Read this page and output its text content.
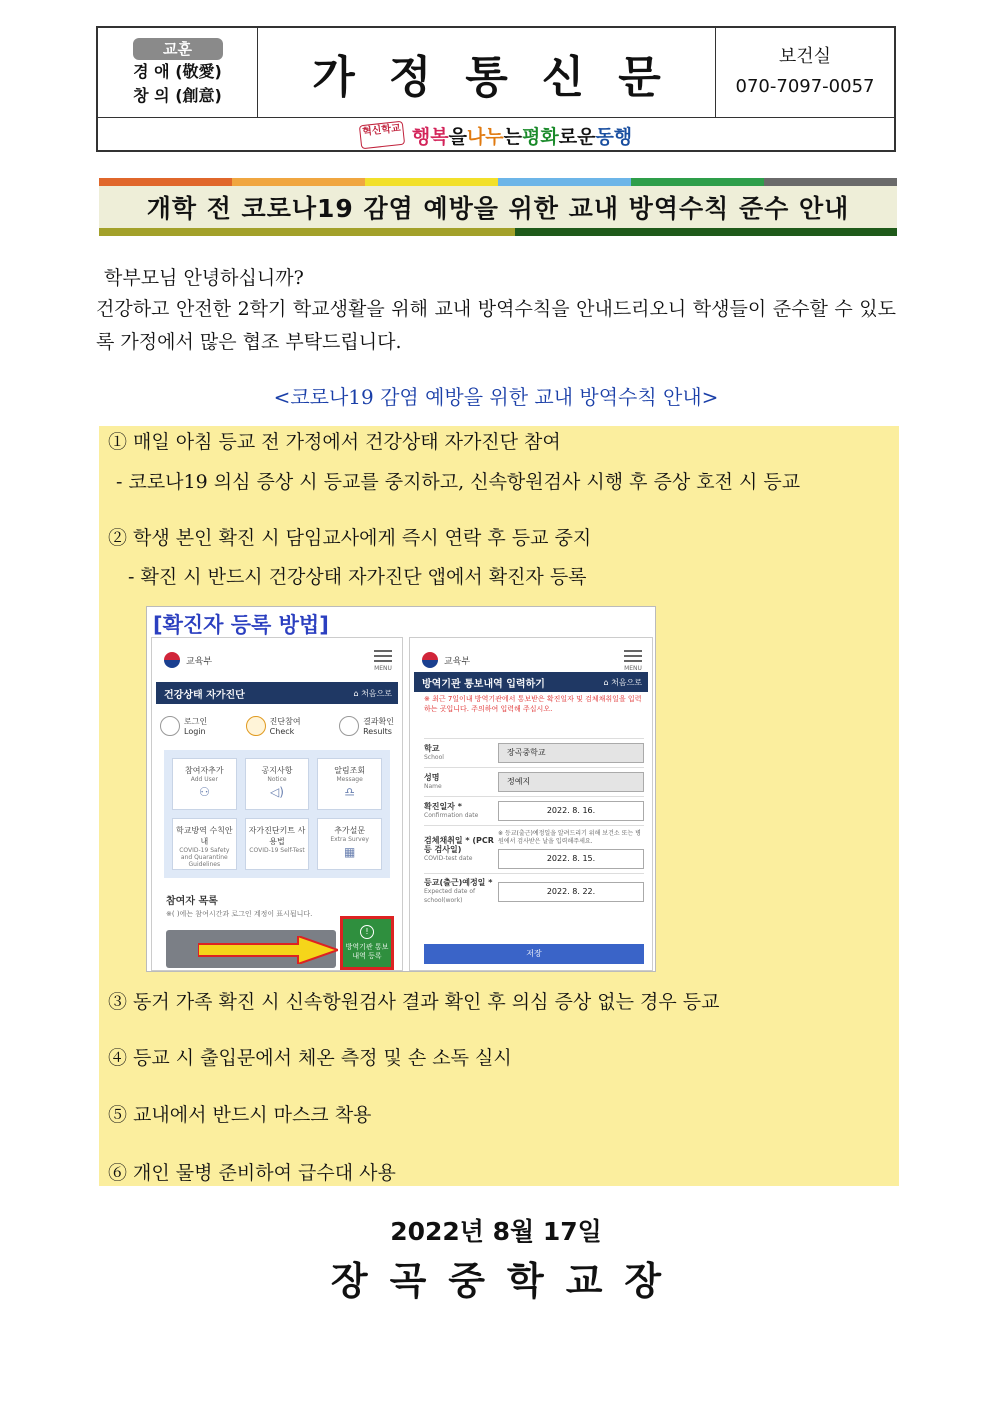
교훈
경 애 (敬愛)
창 의 (創意)	가정통신문	보건실
070-7097-0057
혁신학교 행복 을 나누 는 평화 로운 동행
개학 전 코로나19 감염 예방을 위한 교내 방역수칙 준수 안내
학부모님 안녕하십니까?
건강하고 안전한 2학기 학교생활을 위해 교내 방역수칙을 안내드리오니 학생들이 준수할 수 있도록 가정에서 많은 협조 부탁드립니다.
<코로나19 감염 예방을 위한 교내 방역수칙 안내>
① 매일 아침 등교 전 가정에서 건강상태 자가진단 참여
- 코로나19 의심 증상 시 등교를 중지하고, 신속항원검사 시행 후 증상 호전 시 등교
② 학생 본인 확진 시 담임교사에게 즉시 연락 후 등교 중지
- 확진 시 반드시 건강상태 자가진단 앱에서 확진자 등록
[확진자 등록 방법]
교육부
MENU
건강상태 자가진단	⌂ 처음으로
로그인
Login
진단참여
Check
결과확인
Results
참여자추가
Add User
⚇
공지사항
Notice
◁)
알림조회
Message
♎
학교방역 수칙안내
COVID-19 Safety and Quarantine Guidelines
자가진단키트 사용법
COVID-19 Self-Test
추가설문
Extra Survey
▦
참여자 목록
※( )에는 참여시간과 로그인 계정이 표시됩니다.
!
방역기관 통보내역 등록
교육부
MENU
방역기관 통보내역 입력하기	⌂ 처음으로
※ 최근 7일이내 방역기관에서 통보받은 확진일자 및 검체채취일을 입력하는 곳입니다. 주의하여 입력해 주십시오.
학교
School
장곡중학교
성명
Name
정예지
확진일자 *
Confirmation date
2022. 8. 16.
검체채취일 * (PCR 등 검사일)
COVID-test date
※ 등교(출근)예정일을 알려드리기 위해 보건소 또는 병원에서 검사받은 날을 입력해주세요.
2022. 8. 15.
등교(출근)예정일 *
Expected date of school(work)
2022. 8. 22.
저장
③ 동거 가족 확진 시 신속항원검사 결과 확인 후 의심 증상 없는 경우 등교
④ 등교 시 출입문에서 체온 측정 및 손 소독 실시
⑤ 교내에서 반드시 마스크 착용
⑥ 개인 물병 준비하여 급수대 사용
2022년 8월 17일
장곡중학교장
